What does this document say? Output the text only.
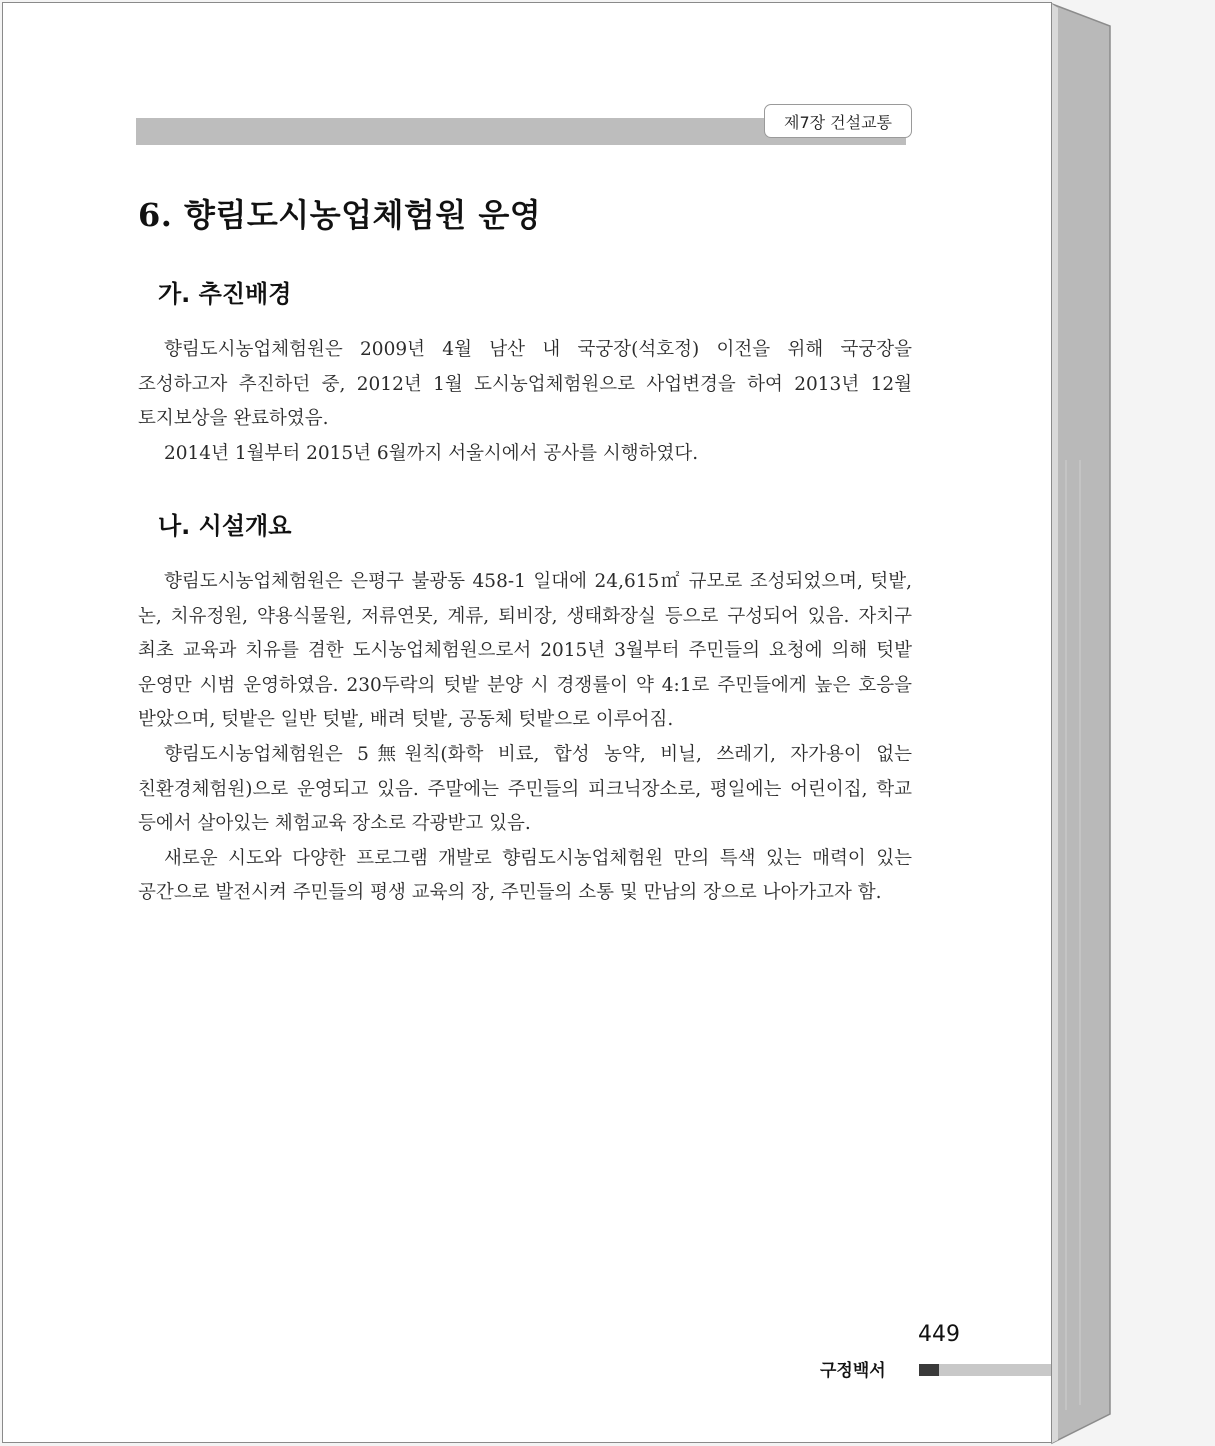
제7장 건설교통
6. 향림도시농업체험원 운영
가. 추진배경

향림도시농업체험원은 2009년 4월 남산 내 국궁장(석호정) 이전을 위해 국궁장을 조성하고자 추진하던 중, 2012년 1월 도시농업체험원으로 사업변경을 하여 2013년 12월 토지보상을 완료하였음.

2014년 1월부터 2015년 6월까지 서울시에서 공사를 시행하였다.

나. 시설개요

향림도시농업체험원은 은평구 불광동 458-1 일대에 24,615㎡ 규모로 조성되었으며, 텃밭, 논, 치유정원, 약용식물원, 저류연못, 계류, 퇴비장, 생태화장실 등으로 구성되어 있음. 자치구 최초 교육과 치유를 겸한 도시농업체험원으로서 2015년 3월부터 주민들의 요청에 의해 텃밭 운영만 시범 운영하였음. 230두락의 텃밭 분양 시 경쟁률이 약 4:1로 주민들에게 높은 호응을 받았으며, 텃밭은 일반 텃밭, 배려 텃밭, 공동체 텃밭으로 이루어짐.

향림도시농업체험원은 5無원칙(화학 비료, 합성 농약, 비닐, 쓰레기, 자가용이 없는 친환경체험원)으로 운영되고 있음. 주말에는 주민들의 피크닉장소로, 평일에는 어린이집, 학교 등에서 살아있는 체험교육 장소로 각광받고 있음.

새로운 시도와 다양한 프로그램 개발로 향림도시농업체험원 만의 특색 있는 매력이 있는 공간으로 발전시켜 주민들의 평생 교육의 장, 주민들의 소통 및 만남의 장으로 나아가고자 함.

449

구정백서
